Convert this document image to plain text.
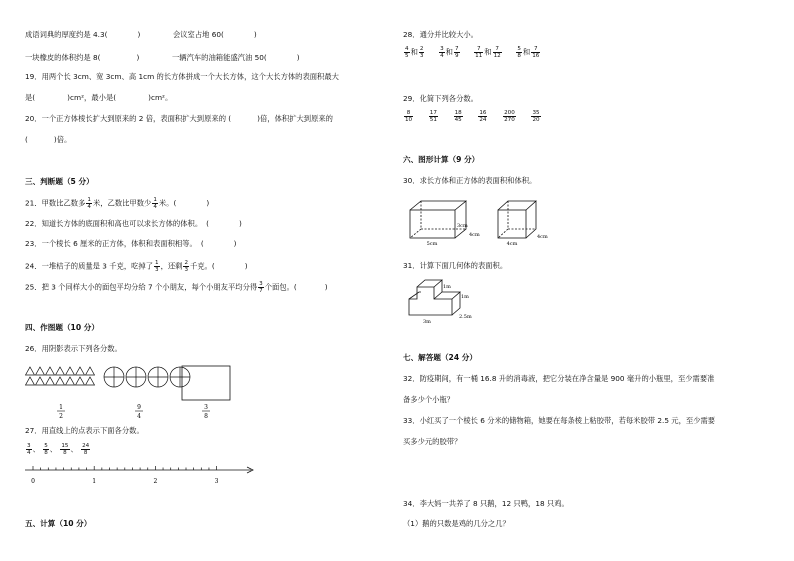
成语词典的厚度约是 4.3(	)	会议室占地 60(	)
一块橡皮的体积约是 8(	)	一辆汽车的油箱能盛汽油 50(	)
19．用两个长 3cm、宽 3cm、高 1cm 的长方体拼成一个大长方体，这个大长方体的表面积最大
是(	)cm²，最小是(	)cm²。
20．一个正方体棱长扩大到原来的 2 倍，表面积扩大到原来的 (	)倍，体积扩大到原来的
(	)倍。
三、判断题（5 分）
21．甲数比乙数多 $\frac{1}{4}$ 米，乙数比甲数少 $\frac{1}{4}$ 米。(	)
22．知道长方体的底面积和高也可以求长方体的体积。 (	)
23．一个棱长 6 厘米的正方体，体积和表面积相等。 (	)
24．一堆桔子的质量是 3 千克，吃掉了 $\frac{1}{3}$ ，还剩 $\frac{2}{3}$ 千克。(	)
25．把 3 个同样大小的面包平均分给 7 个小朋友，每个小朋友平均分得 $\frac{3}{7}$ 个面包。(	)
四、作图题（10 分）
26．用阴影表示下列各分数。
1
2
9
4
3
8
27．用直线上的点表示下面各分数。
$\frac{3}{4}$ 、 $\frac{5}{8}$ 、 $\frac{15}{8}$ 、 $\frac{24}{8}$
0	1	2	3
五、计算（10 分）
28．通分并比较大小。
$\frac{4}{5}$ 和 $\frac{2}{3}$
	$\frac{3}{4}$ 和 $\frac{7}{9}$
	$\frac{7}{11}$ 和 $\frac{7}{12}$
	$\frac{5}{8}$ 和 $\frac{7}{16}$
29．化简下列各分数。
$\frac{8}{10}$
	$\frac{17}{51}$
	$\frac{18}{45}$
	$\frac{16}{24}$
	$\frac{200}{270}$
	$\frac{35}{20}$
六、图形计算（9 分）
30．求长方体和正方体的表面积和体积。
5cm
3cm
4cm
4cm
4cm
31．计算下面几何体的表面积。
1m
1m
3m
2.5m
七、解答题（24 分）
32．防疫期间，有一桶 16.8 升的消毒液，把它分装在净含量是 900 毫升的小瓶里，至少需要准
备多少个小瓶？
33．小红买了一个棱长 6 分米的储物箱，她要在每条棱上粘胶带，若每米胶带 2.5 元，至少需要
买多少元的胶带？
34．李大妈一共养了 8 只鹅，12 只鸭，18 只鸡。
（1）鹅的只数是鸡的几分之几？
